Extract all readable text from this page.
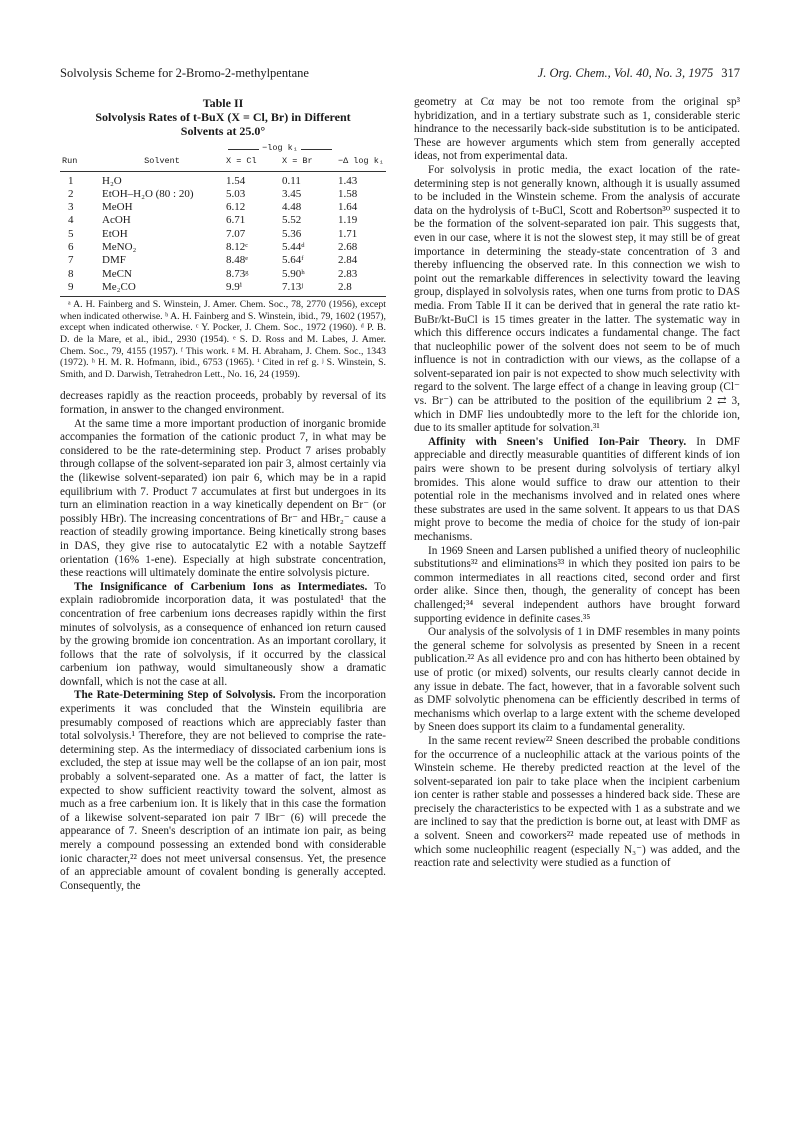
Solvolysis Scheme for 2-Bromo-2-methylpentane	J. Org. Chem., Vol. 40, No. 3, 1975 317
Table II
Solvolysis Rates of t-BuX (X = Cl, Br) in Different
Solvents at 25.0°
		−log k₁		
Run	Solvent	X = Cl	X = Br	−Δ log k₁
1	H₂O	1.54	0.11	1.43
2	EtOH–H₂O (80 : 20)	5.03	3.45	1.58
3	MeOH	6.12	4.48	1.64
4	AcOH	6.71	5.52	1.19
5	EtOH	7.07	5.36	1.71
6	MeNO₂	8.12ᶜ	5.44ᵈ	2.68
7	DMF	8.48ᵉ	5.64ᶠ	2.84
8	MeCN	8.73ᵍ	5.90ʰ	2.83
9	Me₂CO	9.9ⁱ	7.13ʲ	2.8

ᵃ A. H. Fainberg and S. Winstein, J. Amer. Chem. Soc., 78, 2770 (1956), except when indicated otherwise. ᵇ A. H. Fainberg and S. Winstein, ibid., 79, 1602 (1957), except when indicated otherwise. ᶜ Y. Pocker, J. Chem. Soc., 1972 (1960). ᵈ P. B. D. de la Mare, et al., ibid., 2930 (1954). ᵉ S. D. Ross and M. Labes, J. Amer. Chem. Soc., 79, 4155 (1957). ᶠ This work. ᵍ M. H. Abraham, J. Chem. Soc., 1343 (1972). ʰ H. M. R. Hofmann, ibid., 6753 (1965). ⁱ Cited in ref g. ʲ S. Winstein, S. Smith, and D. Darwish, Tetrahedron Lett., No. 16, 24 (1959).

decreases rapidly as the reaction proceeds, probably by reversal of its formation, in answer to the changed environment.

At the same time a more important production of inorganic bromide accompanies the formation of the cationic product 7, in what may be considered to be the rate-determining step. Product 7 arises probably through collapse of the solvent-separated ion pair 3, almost certainly via the (likewise solvent-separated) ion pair 6, which may be in a rapid equilibrium with 7. Product 7 accumulates at first but undergoes in its turn an elimination reaction in a way kinetically dependent on Br⁻ (or possibly HBr). The increasing concentrations of Br⁻ and HBr₂⁻ cause a reaction of steadily growing importance. Being kinetically strong bases in DAS, they give rise to autocatalytic E2 with a notable Saytzeff orientation (16% 1-ene). Especially at high substrate concentration, these reactions will ultimately dominate the entire solvolysis picture.

The Insignificance of Carbenium Ions as Intermediates. To explain radiobromide incorporation data, it was postulated¹ that the concentration of free carbenium ions decreases rapidly within the first minutes of solvolysis, as a consequence of enhanced ion return caused by the growing bromide ion concentration. As an important corollary, it follows that the rate of solvolysis, if it occurred by the classical carbenium ion pathway, would simultaneously show a dramatic downfall, which is not the case at all.

The Rate-Determining Step of Solvolysis. From the incorporation experiments it was concluded that the Winstein equilibria are presumably composed of reactions which are appreciably faster than total solvolysis.¹ Therefore, they are not believed to comprise the rate-determining step. As the intermediacy of dissociated carbenium ions is excluded, the step at issue may well be the collapse of an ion pair, most probably a solvent-separated one. As a matter of fact, the latter is expected to show sufficient reactivity toward the solvent, almost as much as a free carbenium ion. It is likely that in this case the formation of a likewise solvent-separated ion pair 7 ‖Br⁻ (6) will precede the appearance of 7. Sneen's description of an intimate ion pair, as being merely a compound possessing an extended bond with considerable ionic character,²² does not meet universal consensus. Yet, the presence of an appreciable amount of covalent bonding is generally accepted. Consequently, the

geometry at Cα may be not too remote from the original sp³ hybridization, and in a tertiary substrate such as 1, considerable steric hindrance to the necessarily back-side substitution is to be anticipated. These are however arguments which stem from generally accepted ideas, not from experimental data.

For solvolysis in protic media, the exact location of the rate-determining step is not generally known, although it is usually assumed to be included in the Winstein scheme. From the analysis of accurate data on the hydrolysis of t-BuCl, Scott and Robertson³⁰ suspected it to be the formation of the solvent-separated ion pair. This suggests that, even in our case, where it is not the slowest step, it may still be of great importance in determining the steady-state concentration of 3 and thereby influencing the observed rate. In this connection we wish to point out the remarkable differences in selectivity toward the leaving group, displayed in solvolysis rates, when one turns from protic to DAS media. From Table II it can be derived that in general the rate ratio kt-BuBr/kt-BuCl is 15 times greater in the latter. The systematic way in which this difference occurs indicates a fundamental change. The fact that nucleophilic power of the solvent does not seem to be of much influence is not in contradiction with our views, as the collapse of a solvent-separated ion pair is not expected to show much selectivity with regard to the solvent. The large effect of a change in leaving group (Cl⁻ vs. Br⁻) can be attributed to the position of the equilibrium 2 ⇄ 3, which in DMF lies undoubtedly more to the left for the chloride ion, due to its smaller aptitude for solvation.³¹

Affinity with Sneen's Unified Ion-Pair Theory. In DMF appreciable and directly measurable quantities of different kinds of ion pairs were shown to be present during solvolysis of tertiary alkyl bromides. This alone would suffice to draw our attention to their potential role in the mechanisms involved and in related ones where these substrates are used in the same solvent. It appears to us that DAS might prove to become the media of choice for the study of ion-pair mechanisms.

In 1969 Sneen and Larsen published a unified theory of nucleophilic substitutions³² and eliminations³³ in which they posited ion pairs to be common intermediates in all reactions cited, second order and first order alike. Since then, though, the generality of concept has been challenged;³⁴ several independent authors have brought forward supporting evidence in definite cases.³⁵

Our analysis of the solvolysis of 1 in DMF resembles in many points the general scheme for solvolysis as presented by Sneen in a recent publication.²² As all evidence pro and con has hitherto been obtained by use of protic (or mixed) solvents, our results clearly cannot decide in any issue in debate. The fact, however, that in a favorable solvent such as DMF solvolytic phenomena can be efficiently described in terms of mechanisms which overlap to a large extent with the scheme developed by Sneen does support its claim to a fundamental generality.

In the same recent review²² Sneen described the probable conditions for the occurrence of a nucleophilic attack at the various points of the Winstein scheme. He thereby predicted reaction at the level of the solvent-separated ion pair to take place when the incipient carbenium ion center is rather stable and possesses a hindered back side. These are precisely the characteristics to be expected with 1 as a substrate and we are inclined to say that the prediction is borne out, at least with DMF as a solvent. Sneen and coworkers²² made repeated use of methods in which some nucleophilic reagent (especially N₃⁻) was added, and the reaction rate and selectivity were studied as a function of
